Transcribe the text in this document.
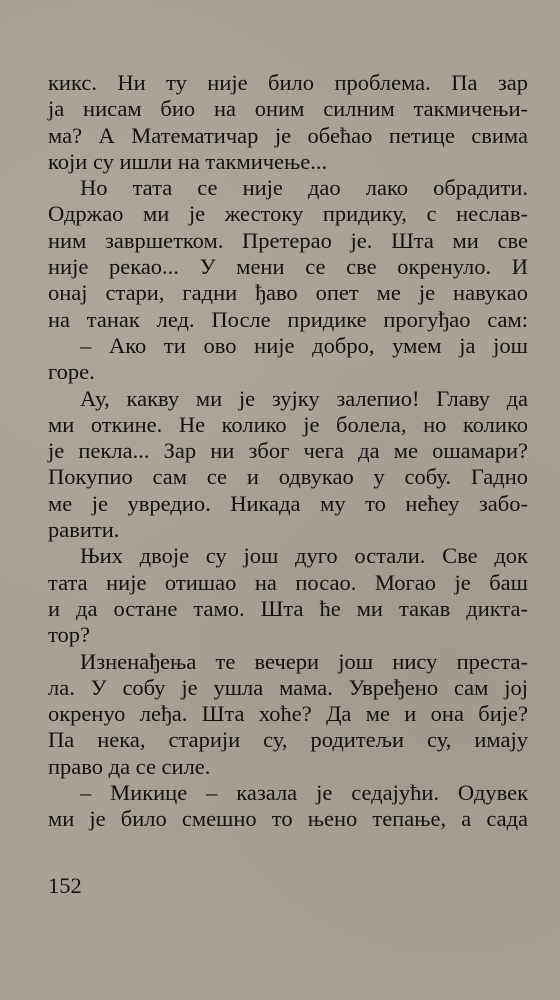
кикс. Ни ту није било проблема. Па зар
ја нисам био на оним силним такмичењи-
ма? А Математичар је обећао петице свима
који су ишли на такмичење...
Но тата се није дао лако обрадити.
Одржао ми је жестоку придику, с неслав-
ним завршетком. Претерао је. Шта ми све
није рекао... У мени се све окренуло. И
онај стари, гадни ђаво опет ме је навукао
на танак лед. После придике прогуђао сам:
– Ако ти ово није добро, умем ја још
горе.
Ау, какву ми је зујку залепио! Главу да
ми откине. Не колико је болела, но колико
је пекла... Зар ни због чега да ме ошамари?
Покупио сам се и одвукао у собу. Гадно
ме је увредио. Никада му то нећеу забо-
равити.
Њих двоје су још дуго остали. Све док
тата није отишао на посао. Могао је баш
и да остане тамо. Шта ће ми такав дикта-
тор?
Изненађења те вечери још нису преста-
ла. У собу је ушла мама. Увређено сам јој
окренуо леђа. Шта хоће? Да ме и она бије?
Па нека, старији су, родитељи су, имају
право да се силе.
– Микице – казала је седајући. Одувек
ми је било смешно то њено тепање, а сада
152
